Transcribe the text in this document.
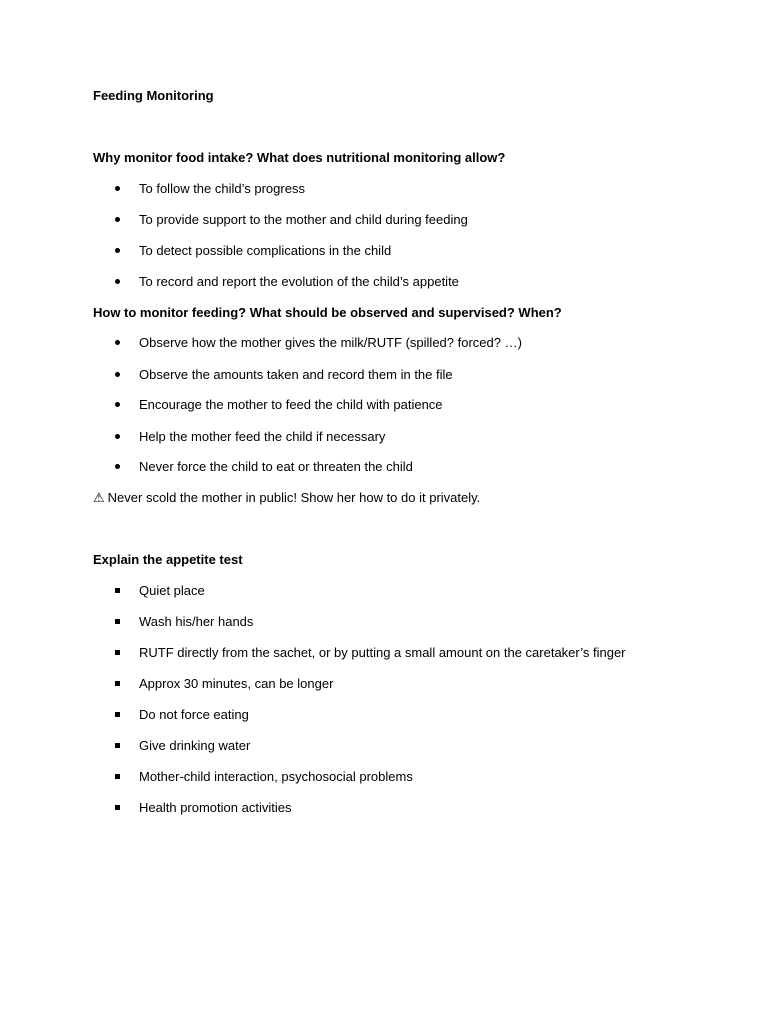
Feeding Monitoring
Why monitor food intake? What does nutritional monitoring allow?
To follow the child’s progress
To provide support to the mother and child during feeding
To detect possible complications in the child
To record and report the evolution of the child’s appetite
How to monitor feeding? What should be observed and supervised? When?
Observe how the mother gives the milk/RUTF (spilled? forced? …)
Observe the amounts taken and record them in the file
Encourage the mother to feed the child with patience
Help the mother feed the child if necessary
Never force the child to eat or threaten the child
⚠ Never scold the mother in public! Show her how to do it privately.
Explain the appetite test
Quiet place
Wash his/her hands
RUTF directly from the sachet, or by putting a small amount on the caretaker’s finger
Approx 30 minutes, can be longer
Do not force eating
Give drinking water
Mother-child interaction, psychosocial problems
Health promotion activities
